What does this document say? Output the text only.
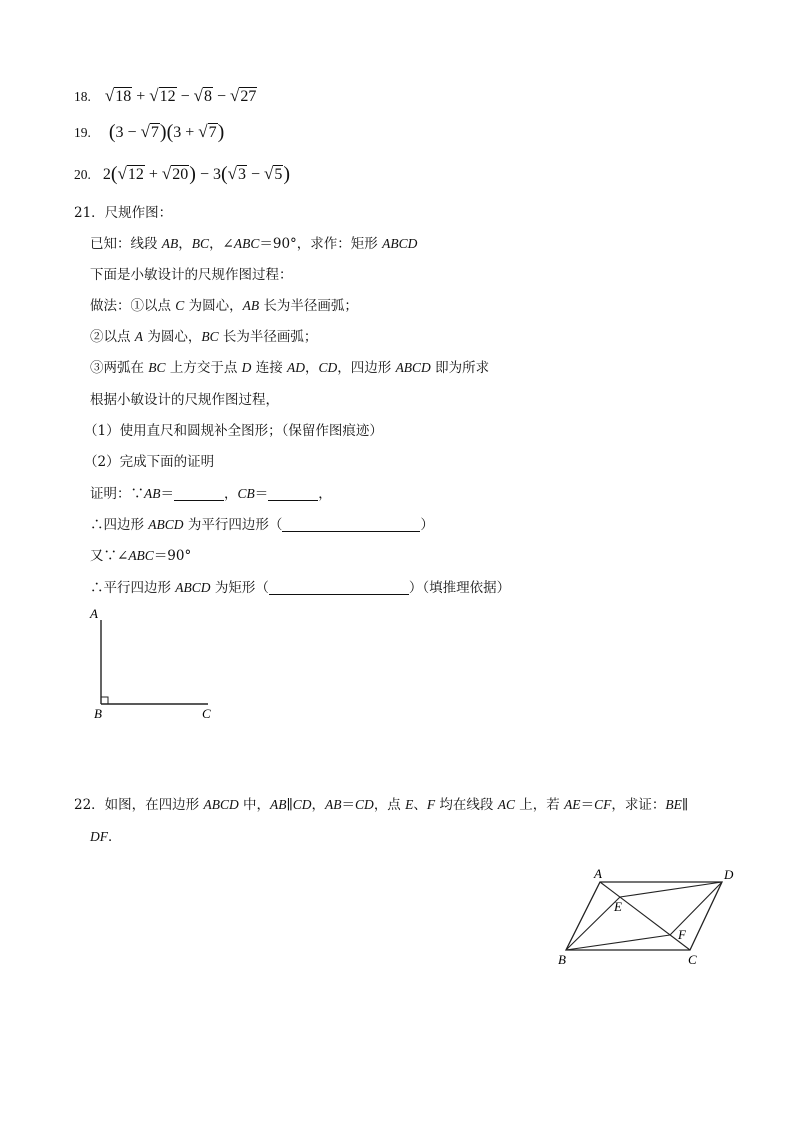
18. √18 + √12 − √8 − √27
19. (3 − √7)(3 + √7)
20. 2(√12 + √20) − 3(√3 − √5)
21．尺规作图：
已知：线段 AB，BC，∠ABC＝90°，求作：矩形 ABCD
下面是小敏设计的尺规作图过程：
做法：①以点 C 为圆心，AB 长为半径画弧；
②以点 A 为圆心，BC 长为半径画弧；
③两弧在 BC 上方交于点 D 连接 AD，CD，四边形 ABCD 即为所求
根据小敏设计的尺规作图过程，
（1）使用直尺和圆规补全图形；（保留作图痕迹）
（2）完成下面的证明
证明：∵AB＝	，CB＝	，
∴四边形 ABCD 为平行四边形（	）
又∵∠ABC＝90°
∴平行四边形 ABCD 为矩形（	）（填推理依据）
A
B	C
22．如图，在四边形 ABCD 中，AB∥CD，AB＝CD，点 E、F 均在线段 AC 上，若 AE＝CF，求证：BE∥
DF．
A	D
E
F
B	C
